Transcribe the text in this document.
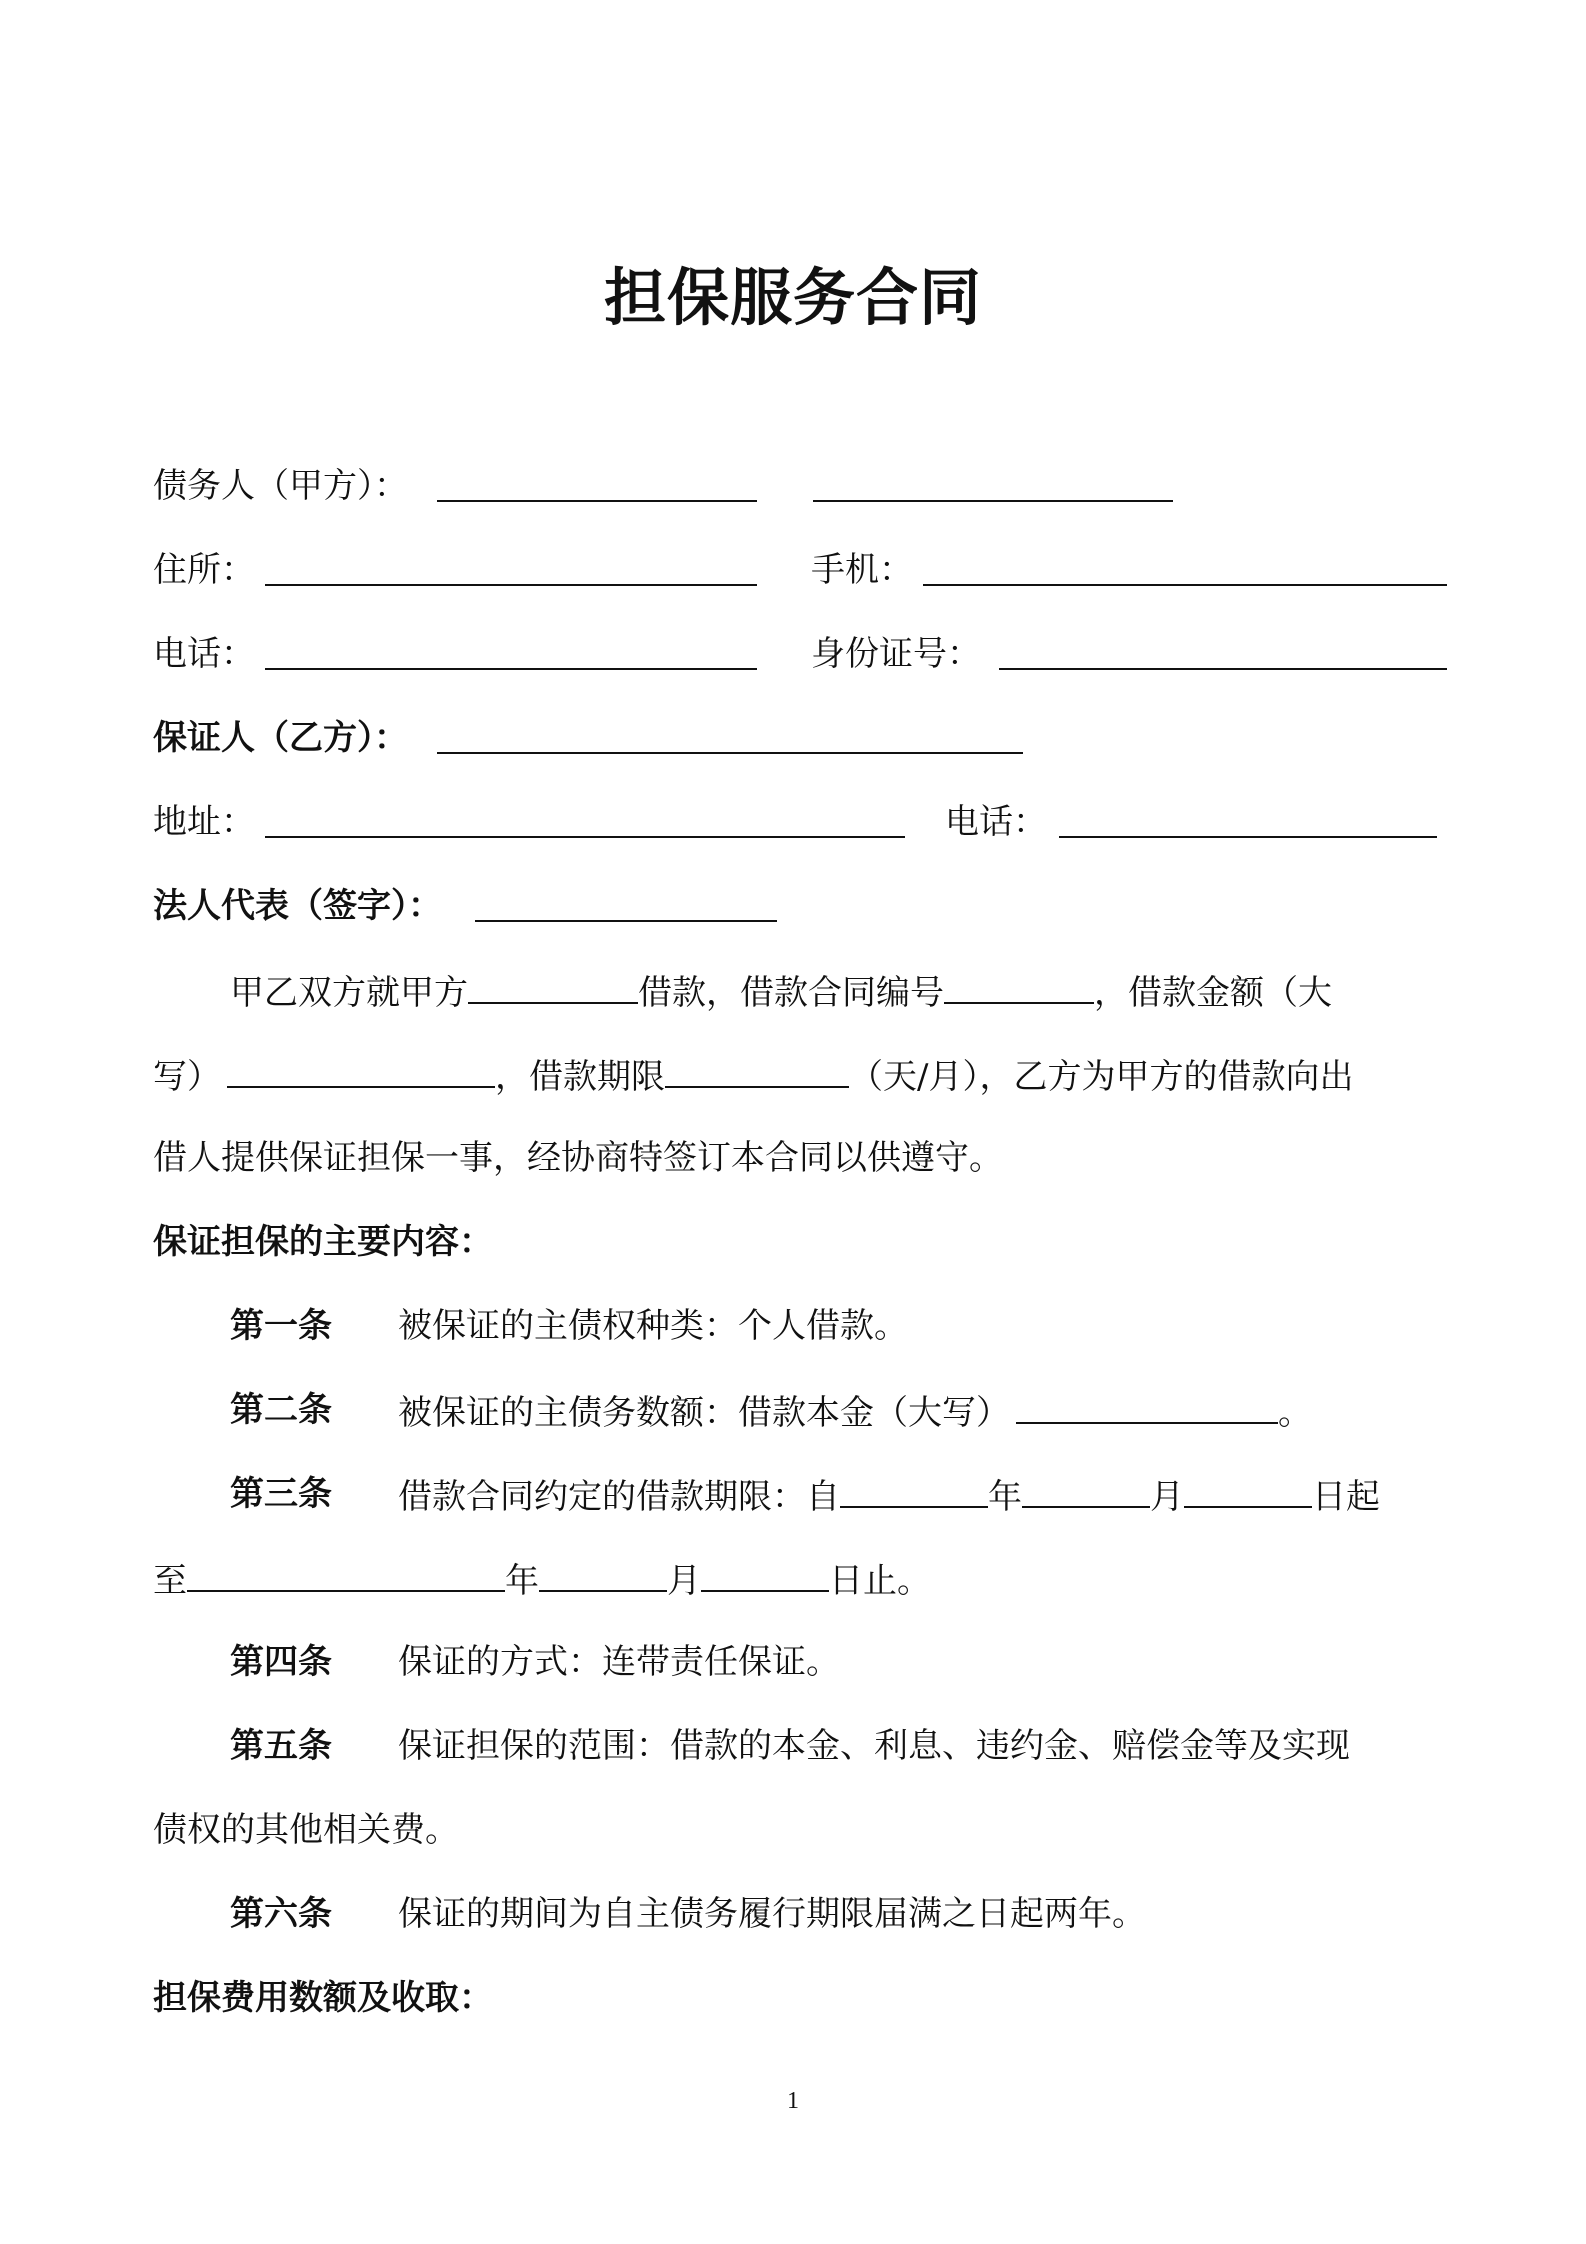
担保服务合同
债务人（甲方）：
住所：	手机：
电话：	身份证号：
保证人（乙方）：
地址：	电话：
法人代表（签字）：
甲乙双方就甲方	借款，借款合同编号	，借款金额（大
写）	，借款期限	（天/月），乙方为甲方的借款向出
借人提供保证担保一事，经协商特签订本合同以供遵守。
保证担保的主要内容：
第一条 被保证的主债权种类：个人借款。
第二条 被保证的主债务数额：借款本金（大写）	。
第三条 借款合同约定的借款期限：自	年	月	日起
至	年	月	日止。
第四条 保证的方式：连带责任保证。
第五条 保证担保的范围：借款的本金、利息、违约金、赔偿金等及实现
债权的其他相关费。
第六条 保证的期间为自主债务履行期限届满之日起两年。
担保费用数额及收取：
1
